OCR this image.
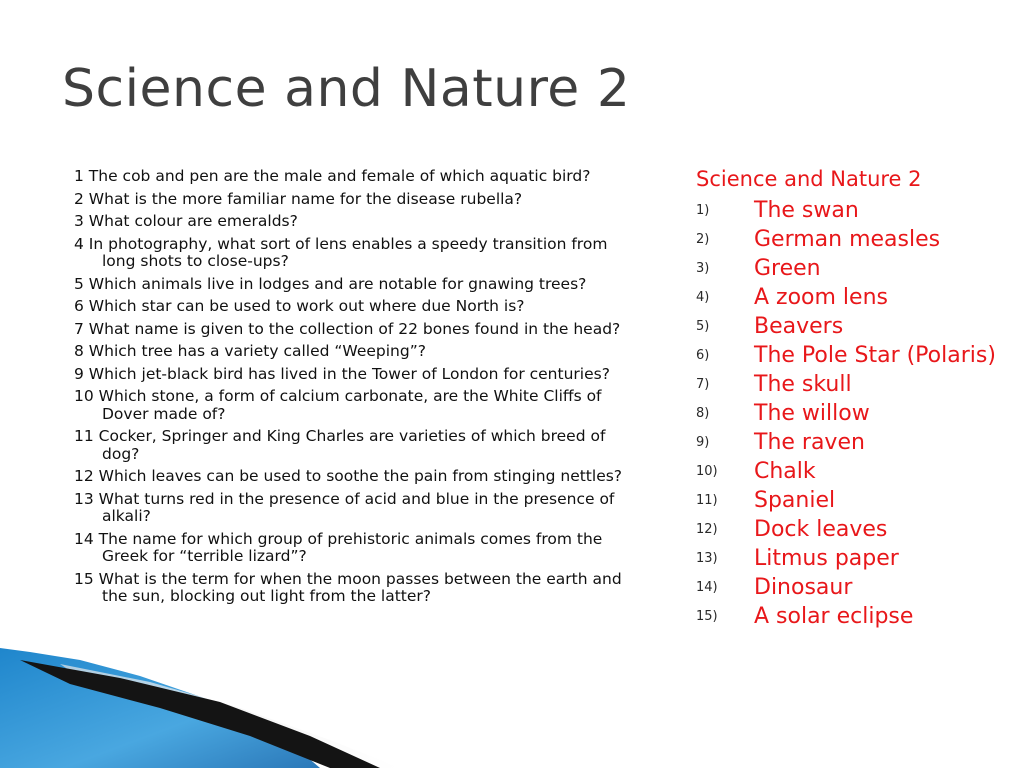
Science and Nature 2
1 The cob and pen are the male and female of which aquatic bird?
2 What is the more familiar name for the disease rubella?
3 What colour are emeralds?
4 In photography, what sort of lens enables a speedy transition from long shots to close-ups?
5 Which animals live in lodges and are notable for gnawing trees?
6 Which star can be used to work out where due North is?
7 What name is given to the collection of 22 bones found in the head?
8 Which tree has a variety called “Weeping”?
9 Which jet-black bird has lived in the Tower of London for centuries?
10 Which stone, a form of calcium carbonate, are the White Cliffs of Dover made of?
11 Cocker, Springer and King Charles are varieties of which breed of dog?
12 Which leaves can be used to soothe the pain from stinging nettles?
13 What turns red in the presence of acid and blue in the presence of alkali?
14 The name for which group of prehistoric animals comes from the Greek for “terrible lizard”?
15 What is the term for when the moon passes between the earth and the sun, blocking out light from the latter?
Science and Nature 2
1)	The swan
2)	German measles
3)	Green
4)	A zoom lens
5)	Beavers
6)	The Pole Star (Polaris)
7)	The skull
8)	The willow
9)	The raven
10)	Chalk
11)	Spaniel
12)	Dock leaves
13)	Litmus paper
14)	Dinosaur
15)	A solar eclipse
